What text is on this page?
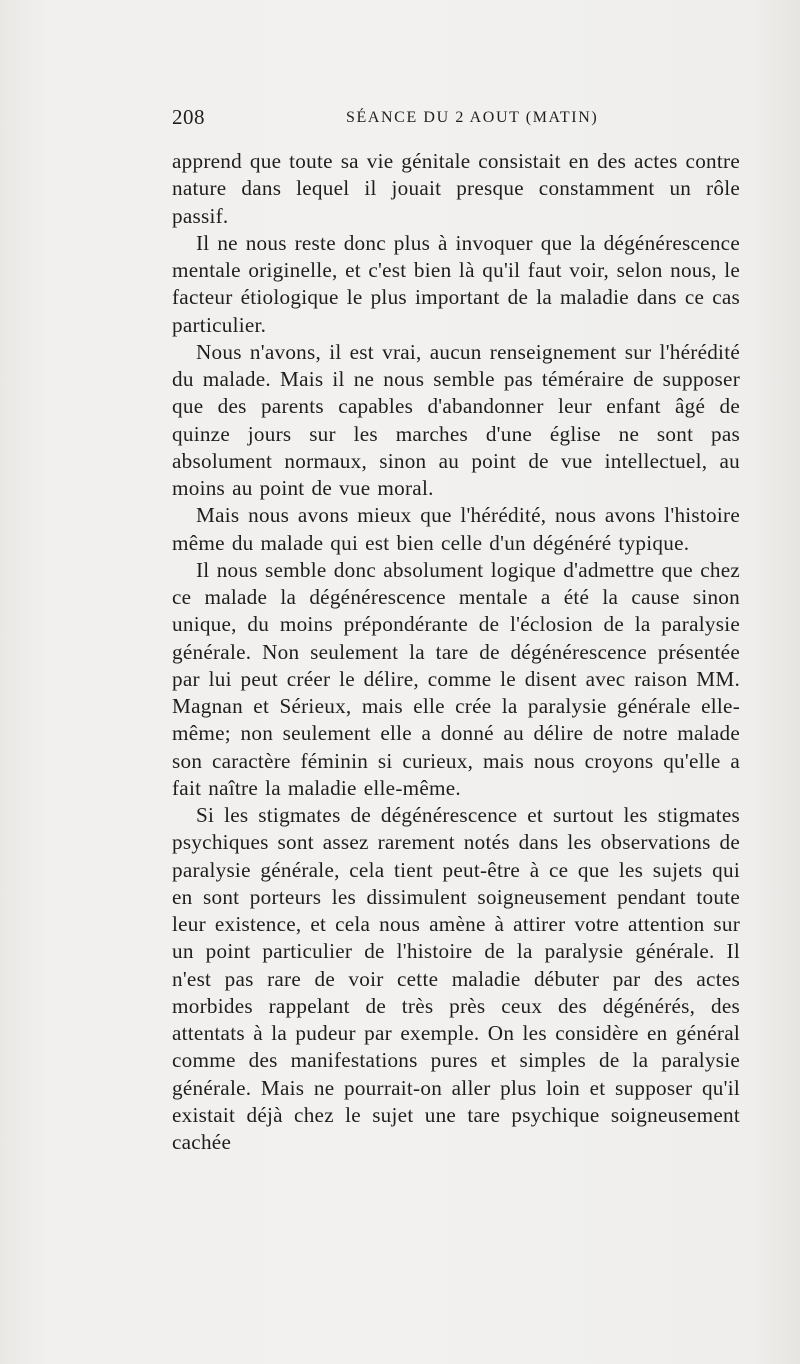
208	SÉANCE DU 2 AOUT (MATIN)

apprend que toute sa vie génitale consistait en des actes contre nature dans lequel il jouait presque constamment un rôle passif.

Il ne nous reste donc plus à invoquer que la dégénérescence mentale originelle, et c'est bien là qu'il faut voir, selon nous, le facteur étiologique le plus important de la maladie dans ce cas particulier.

Nous n'avons, il est vrai, aucun renseignement sur l'hérédité du malade. Mais il ne nous semble pas téméraire de supposer que des parents capables d'abandonner leur enfant âgé de quinze jours sur les marches d'une église ne sont pas absolument normaux, sinon au point de vue intellectuel, au moins au point de vue moral.

Mais nous avons mieux que l'hérédité, nous avons l'histoire même du malade qui est bien celle d'un dégénéré typique.

Il nous semble donc absolument logique d'admettre que chez ce malade la dégénérescence mentale a été la cause sinon unique, du moins prépondérante de l'éclosion de la paralysie générale. Non seulement la tare de dégénérescence présentée par lui peut créer le délire, comme le disent avec raison MM. Magnan et Sérieux, mais elle crée la paralysie générale elle-même; non seulement elle a donné au délire de notre malade son caractère féminin si curieux, mais nous croyons qu'elle a fait naître la maladie elle-même.

Si les stigmates de dégénérescence et surtout les stigmates psychiques sont assez rarement notés dans les observations de paralysie générale, cela tient peut-être à ce que les sujets qui en sont porteurs les dissimulent soigneusement pendant toute leur existence, et cela nous amène à attirer votre attention sur un point particulier de l'histoire de la paralysie générale. Il n'est pas rare de voir cette maladie débuter par des actes morbides rappelant de très près ceux des dégénérés, des attentats à la pudeur par exemple. On les considère en général comme des manifestations pures et simples de la paralysie générale. Mais ne pourrait-on aller plus loin et supposer qu'il existait déjà chez le sujet une tare psychique soigneusement cachée
